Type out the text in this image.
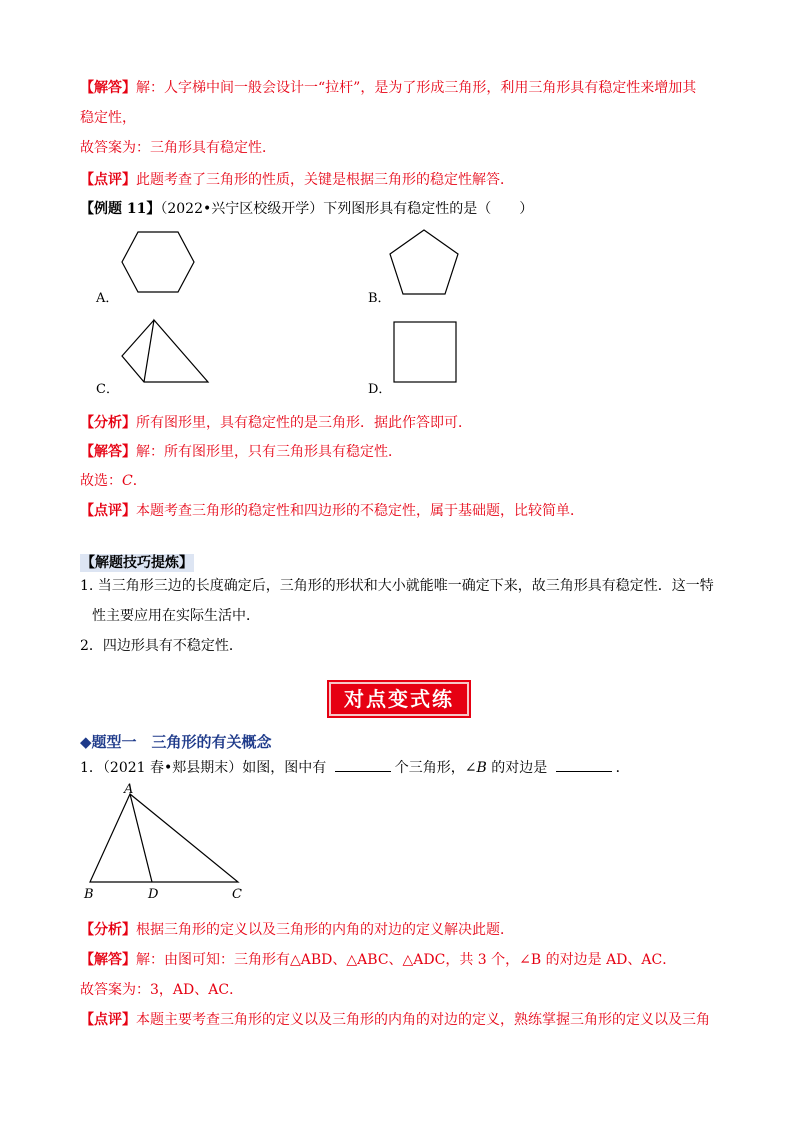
【解答】解：人字梯中间一般会设计一“拉杆”，是为了形成三角形，利用三角形具有稳定性来增加其
稳定性，
故答案为：三角形具有稳定性．
【点评】此题考查了三角形的性质，关键是根据三角形的稳定性解答．
【例题 11】（2022•兴宁区校级开学）下列图形具有稳定性的是（　　）
A．	B．
C．	D．
【分析】所有图形里，具有稳定性的是三角形．据此作答即可．
【解答】解：所有图形里，只有三角形具有稳定性．
故选：C．
【点评】本题考查三角形的稳定性和四边形的不稳定性，属于基础题，比较简单．
【解题技巧提炼】
1. 当三角形三边的长度确定后，三角形的形状和大小就能唯一确定下来，故三角形具有稳定性．这一特
性主要应用在实际生活中．
2．四边形具有不稳定性．
对点变式练
◆题型一　三角形的有关概念
1．（2021 春•郏县期末）如图，图中有	个三角形，∠B 的对边是	．
A
B	D	C
【分析】根据三角形的定义以及三角形的内角的对边的定义解决此题．
【解答】解：由图可知：三角形有△ABD、△ABC、△ADC，共 3 个，∠B 的对边是 AD、AC．
故答案为：3，AD、AC．
【点评】本题主要考查三角形的定义以及三角形的内角的对边的定义，熟练掌握三角形的定义以及三角
